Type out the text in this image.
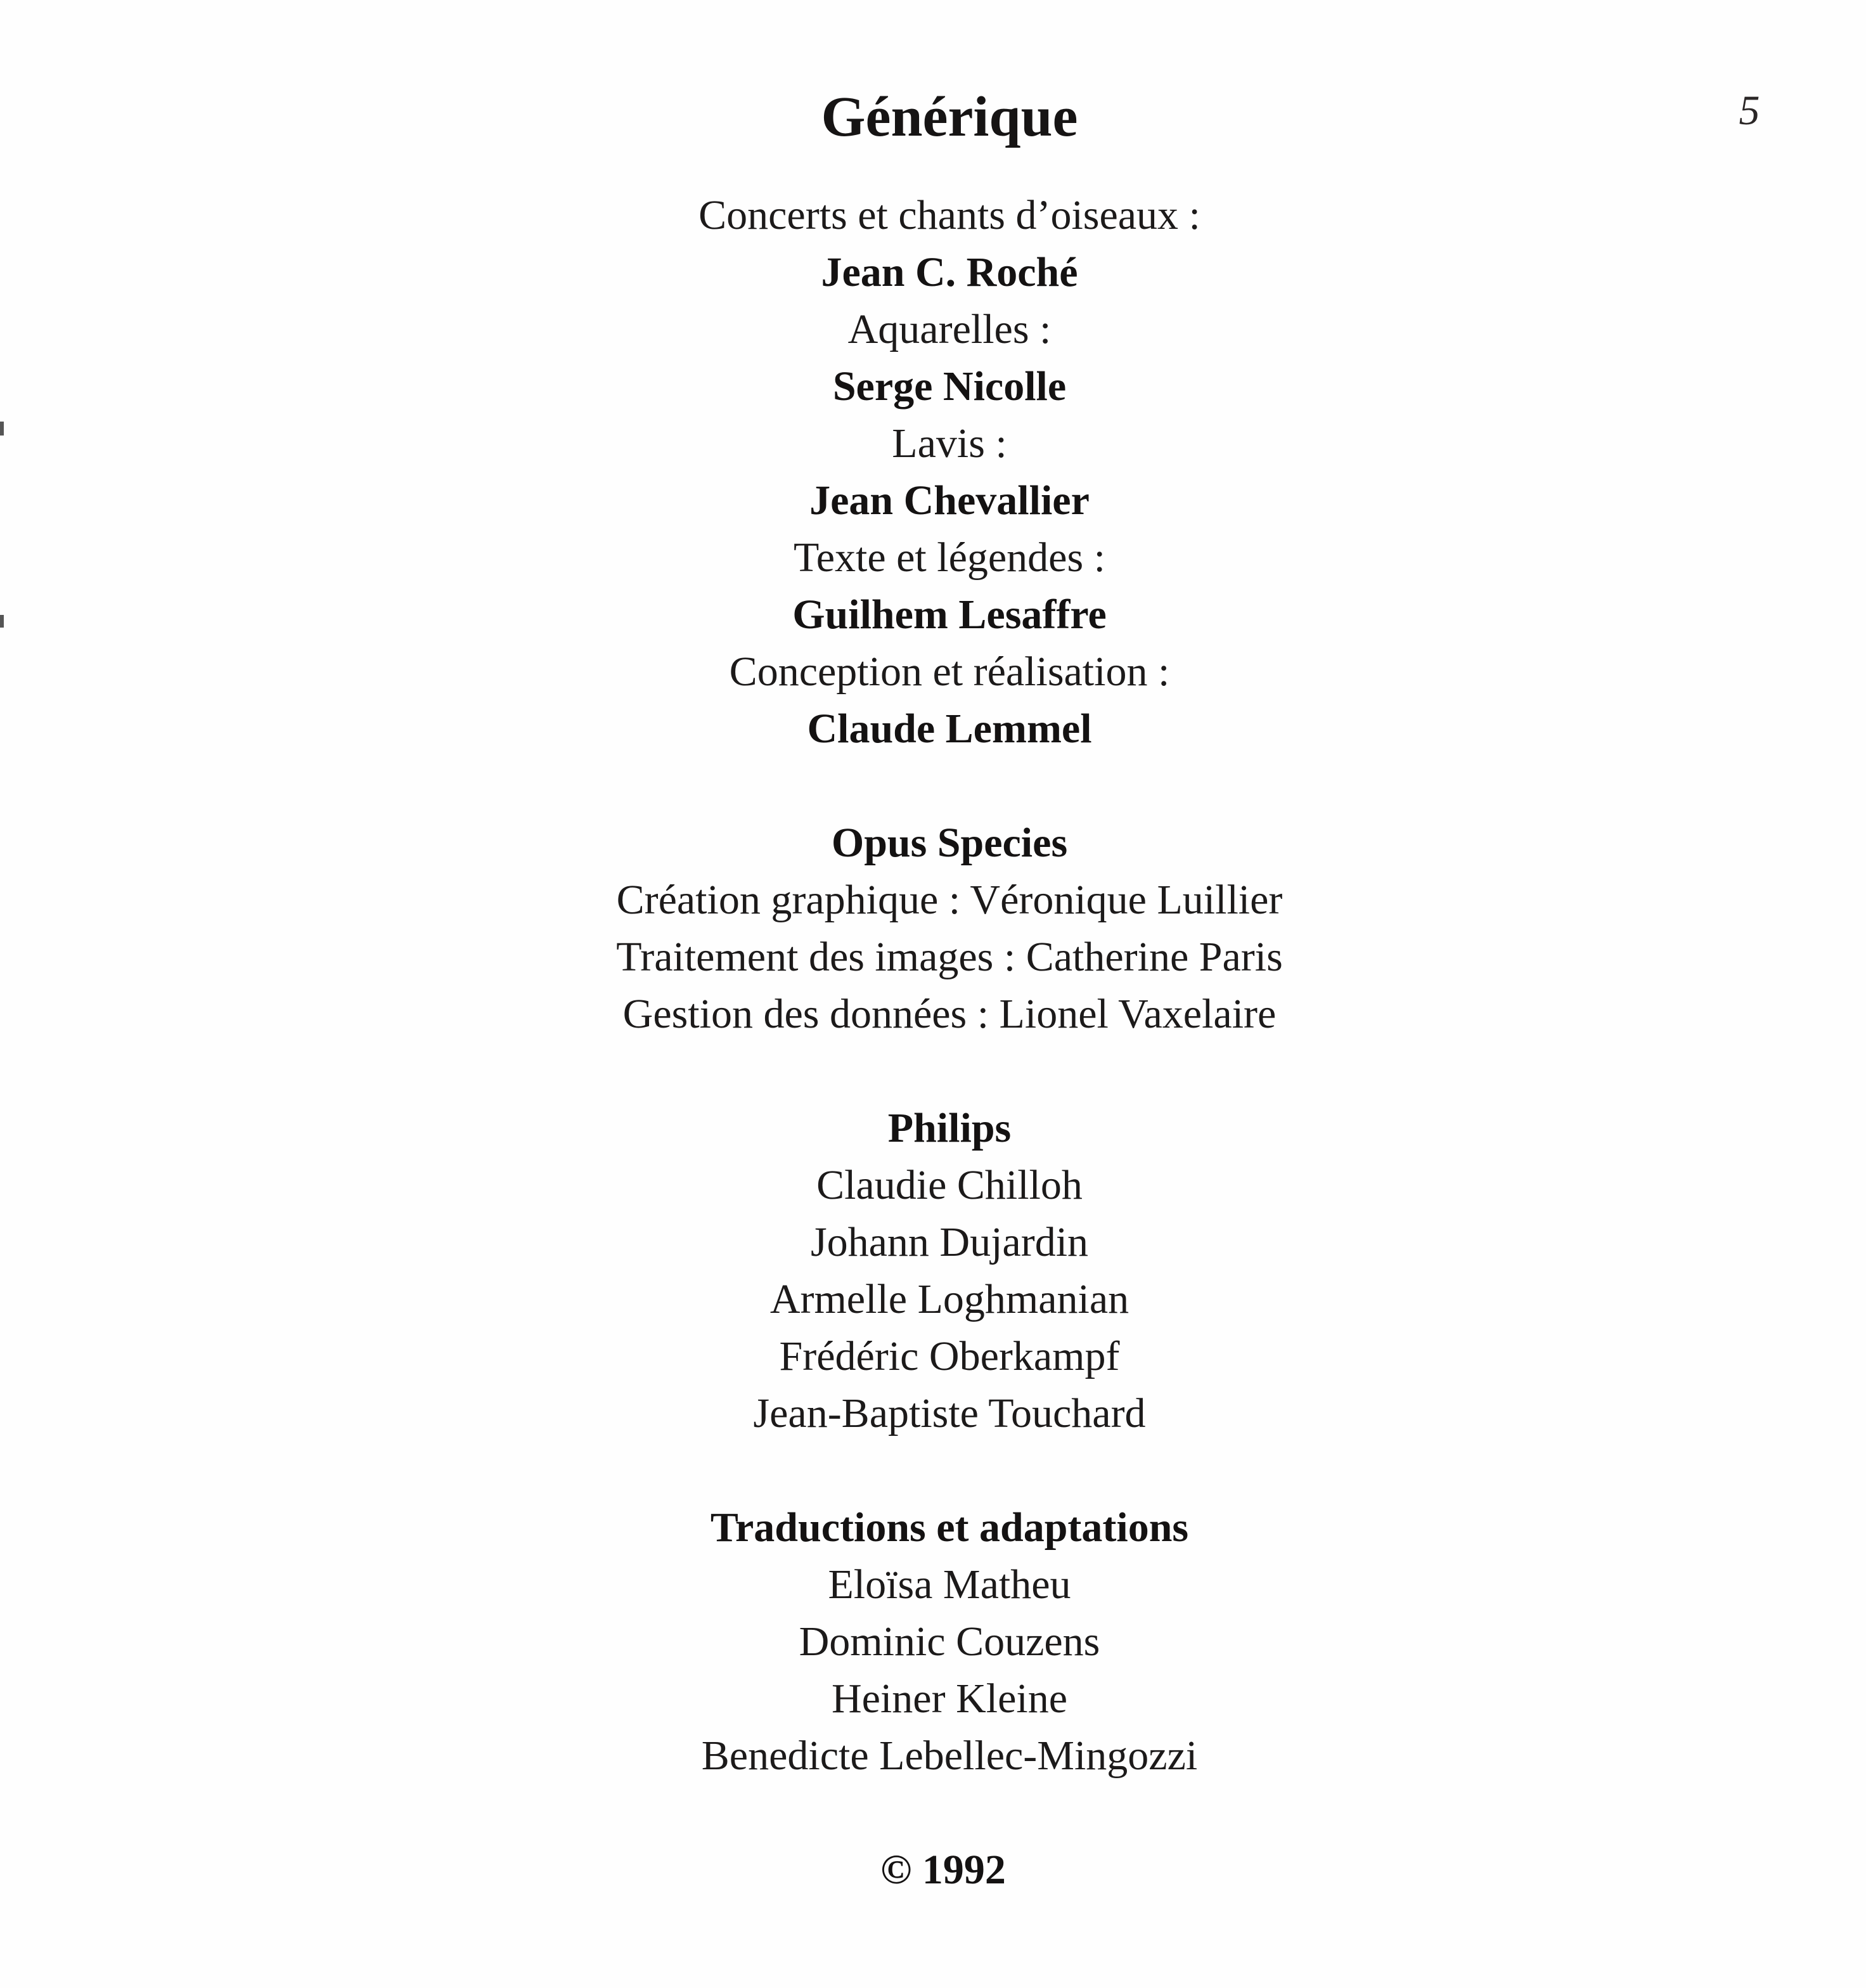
5
Générique
Concerts et chants d’oiseaux :
Jean C. Roché
Aquarelles :
Serge Nicolle
Lavis :
Jean Chevallier
Texte et légendes :
Guilhem Lesaffre
Conception et réalisation :
Claude Lemmel
Opus Species
Création graphique : Véronique Luillier
Traitement des images : Catherine Paris
Gestion des données : Lionel Vaxelaire
Philips
Claudie Chilloh
Johann Dujardin
Armelle Loghmanian
Frédéric Oberkampf
Jean-Baptiste Touchard
Traductions et adaptations
Eloïsa Matheu
Dominic Couzens
Heiner Kleine
Benedicte Lebellec-Mingozzi
© 1992
